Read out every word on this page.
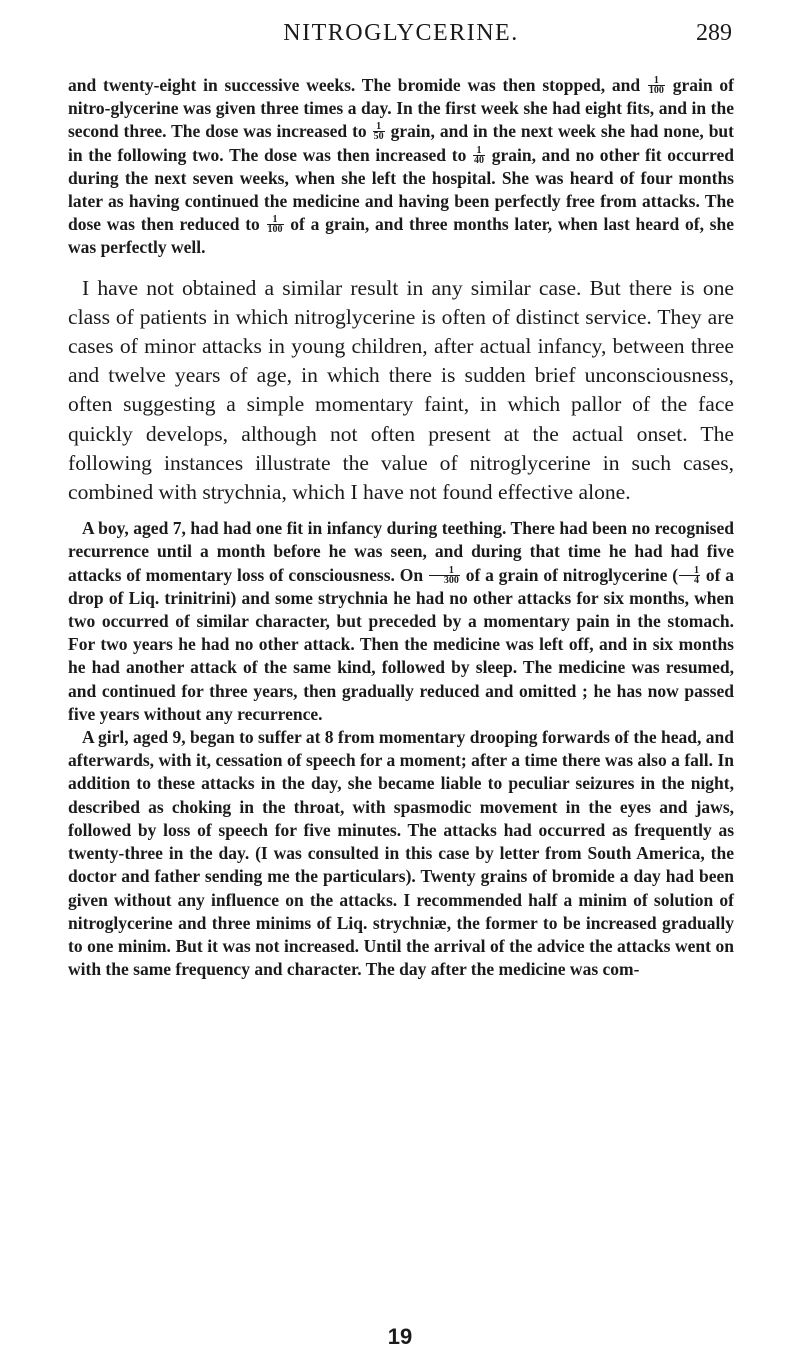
NITROGLYCERINE.	289

and twenty-eight in successive weeks. The bromide was then stopped, and $\frac{1}{100}$ grain of nitro-glycerine was given three times a day. In the first week she had eight fits, and in the second three. The dose was increased to $\frac{1}{50}$ grain, and in the next week she had none, but in the following two. The dose was then increased to $\frac{1}{40}$ grain, and no other fit occurred during the next seven weeks, when she left the hospital. She was heard of four months later as having continued the medicine and having been perfectly free from attacks. The dose was then reduced to $\frac{1}{100}$ of a grain, and three months later, when last heard of, she was perfectly well.

I have not obtained a similar result in any similar case. But there is one class of patients in which nitroglycerine is often of distinct service. They are cases of minor attacks in young children, after actual infancy, between three and twelve years of age, in which there is sudden brief unconsciousness, often suggesting a simple momentary faint, in which pallor of the face quickly develops, although not often present at the actual onset. The following instances illustrate the value of nitroglycerine in such cases, combined with strychnia, which I have not found effective alone.

A boy, aged 7, had had one fit in infancy during teething. There had been no recognised recurrence until a month before he was seen, and during that time he had had five attacks of momentary loss of consciousness. On $\frac{1}{300}$ of a grain of nitroglycerine ( $\frac{1}{4}$ of a drop of Liq. trinitrini) and some strychnia he had no other attacks for six months, when two occurred of similar character, but preceded by a momentary pain in the stomach. For two years he had no other attack. Then the medicine was left off, and in six months he had another attack of the same kind, followed by sleep. The medicine was resumed, and continued for three years, then gradually reduced and omitted ; he has now passed five years without any recurrence.

A girl, aged 9, began to suffer at 8 from momentary drooping forwards of the head, and afterwards, with it, cessation of speech for a moment; after a time there was also a fall. In addition to these attacks in the day, she became liable to peculiar seizures in the night, described as choking in the throat, with spasmodic movement in the eyes and jaws, followed by loss of speech for five minutes. The attacks had occurred as frequently as twenty-three in the day. (I was consulted in this case by letter from South America, the doctor and father sending me the particulars). Twenty grains of bromide a day had been given without any influence on the attacks. I recommended half a minim of solution of nitroglycerine and three minims of Liq. strychniæ, the former to be increased gradually to one minim. But it was not increased. Until the arrival of the advice the attacks went on with the same frequency and character. The day after the medicine was com-

19
